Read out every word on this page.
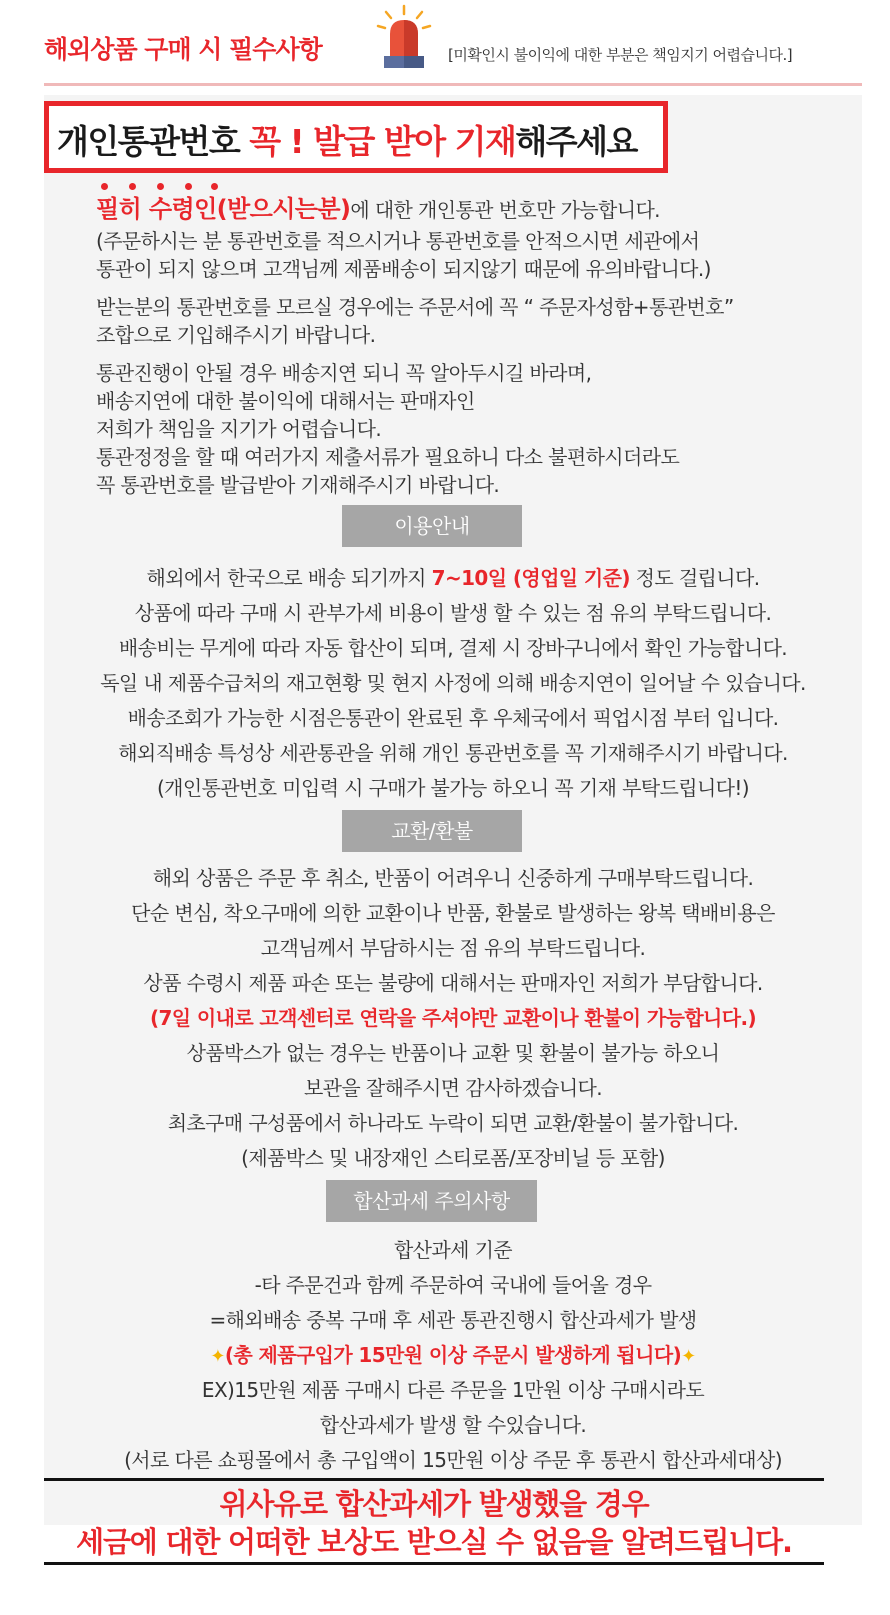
해외상품 구매 시 필수사항	[미확인시 불이익에 대한 부분은 책임지기 어렵습니다.]
개인통관번호 꼭 ! 발급 받아 기재해주세요
필히 수령인(받으시는분)에 대한 개인통관 번호만 가능합니다.
(주문하시는 분 통관번호를 적으시거나 통관번호를 안적으시면 세관에서
통관이 되지 않으며 고객님께 제품배송이 되지않기 때문에 유의바랍니다.)
받는분의 통관번호를 모르실 경우에는 주문서에 꼭 “ 주문자성함+통관번호”
조합으로 기입해주시기 바랍니다.
통관진행이 안될 경우 배송지연 되니 꼭 알아두시길 바라며,
배송지연에 대한 불이익에 대해서는 판매자인
저희가 책임을 지기가 어렵습니다.
통관정정을 할 때 여러가지 제출서류가 필요하니 다소 불편하시더라도
꼭 통관번호를 발급받아 기재해주시기 바랍니다.
이용안내
해외에서 한국으로 배송 되기까지 7~10일 (영업일 기준) 정도 걸립니다.
상품에 따라 구매 시 관부가세 비용이 발생 할 수 있는 점 유의 부탁드립니다.
배송비는 무게에 따라 자동 합산이 되며, 결제 시 장바구니에서 확인 가능합니다.
독일 내 제품수급처의 재고현황 및 현지 사정에 의해 배송지연이 일어날 수 있습니다.
배송조회가 가능한 시점은통관이 완료된 후 우체국에서 픽업시점 부터 입니다.
해외직배송 특성상 세관통관을 위해 개인 통관번호를 꼭 기재해주시기 바랍니다.
(개인통관번호 미입력 시 구매가 불가능 하오니 꼭 기재 부탁드립니다!)
교환/환불
해외 상품은 주문 후 취소, 반품이 어려우니 신중하게 구매부탁드립니다.
단순 변심, 착오구매에 의한 교환이나 반품, 환불로 발생하는 왕복 택배비용은
고객님께서 부담하시는 점 유의 부탁드립니다.
상품 수령시 제품 파손 또는 불량에 대해서는 판매자인 저희가 부담합니다.
(7일 이내로 고객센터로 연락을 주셔야만 교환이나 환불이 가능합니다.)
상품박스가 없는 경우는 반품이나 교환 및 환불이 불가능 하오니
보관을 잘해주시면 감사하겠습니다.
최초구매 구성품에서 하나라도 누락이 되면 교환/환불이 불가합니다.
(제품박스 및 내장재인 스티로폼/포장비닐 등 포함)
합산과세 주의사항
합산과세 기준
-타 주문건과 함께 주문하여 국내에 들어올 경우
=해외배송 중복 구매 후 세관 통관진행시 합산과세가 발생
✦(총 제품구입가 15만원 이상 주문시 발생하게 됩니다)✦
EX)15만원 제품 구매시 다른 주문을 1만원 이상 구매시라도
합산과세가 발생 할 수있습니다.
(서로 다른 쇼핑몰에서 총 구입액이 15만원 이상 주문 후 통관시 합산과세대상)
위사유로 합산과세가 발생했을 경우
세금에 대한 어떠한 보상도 받으실 수 없음을 알려드립니다.
